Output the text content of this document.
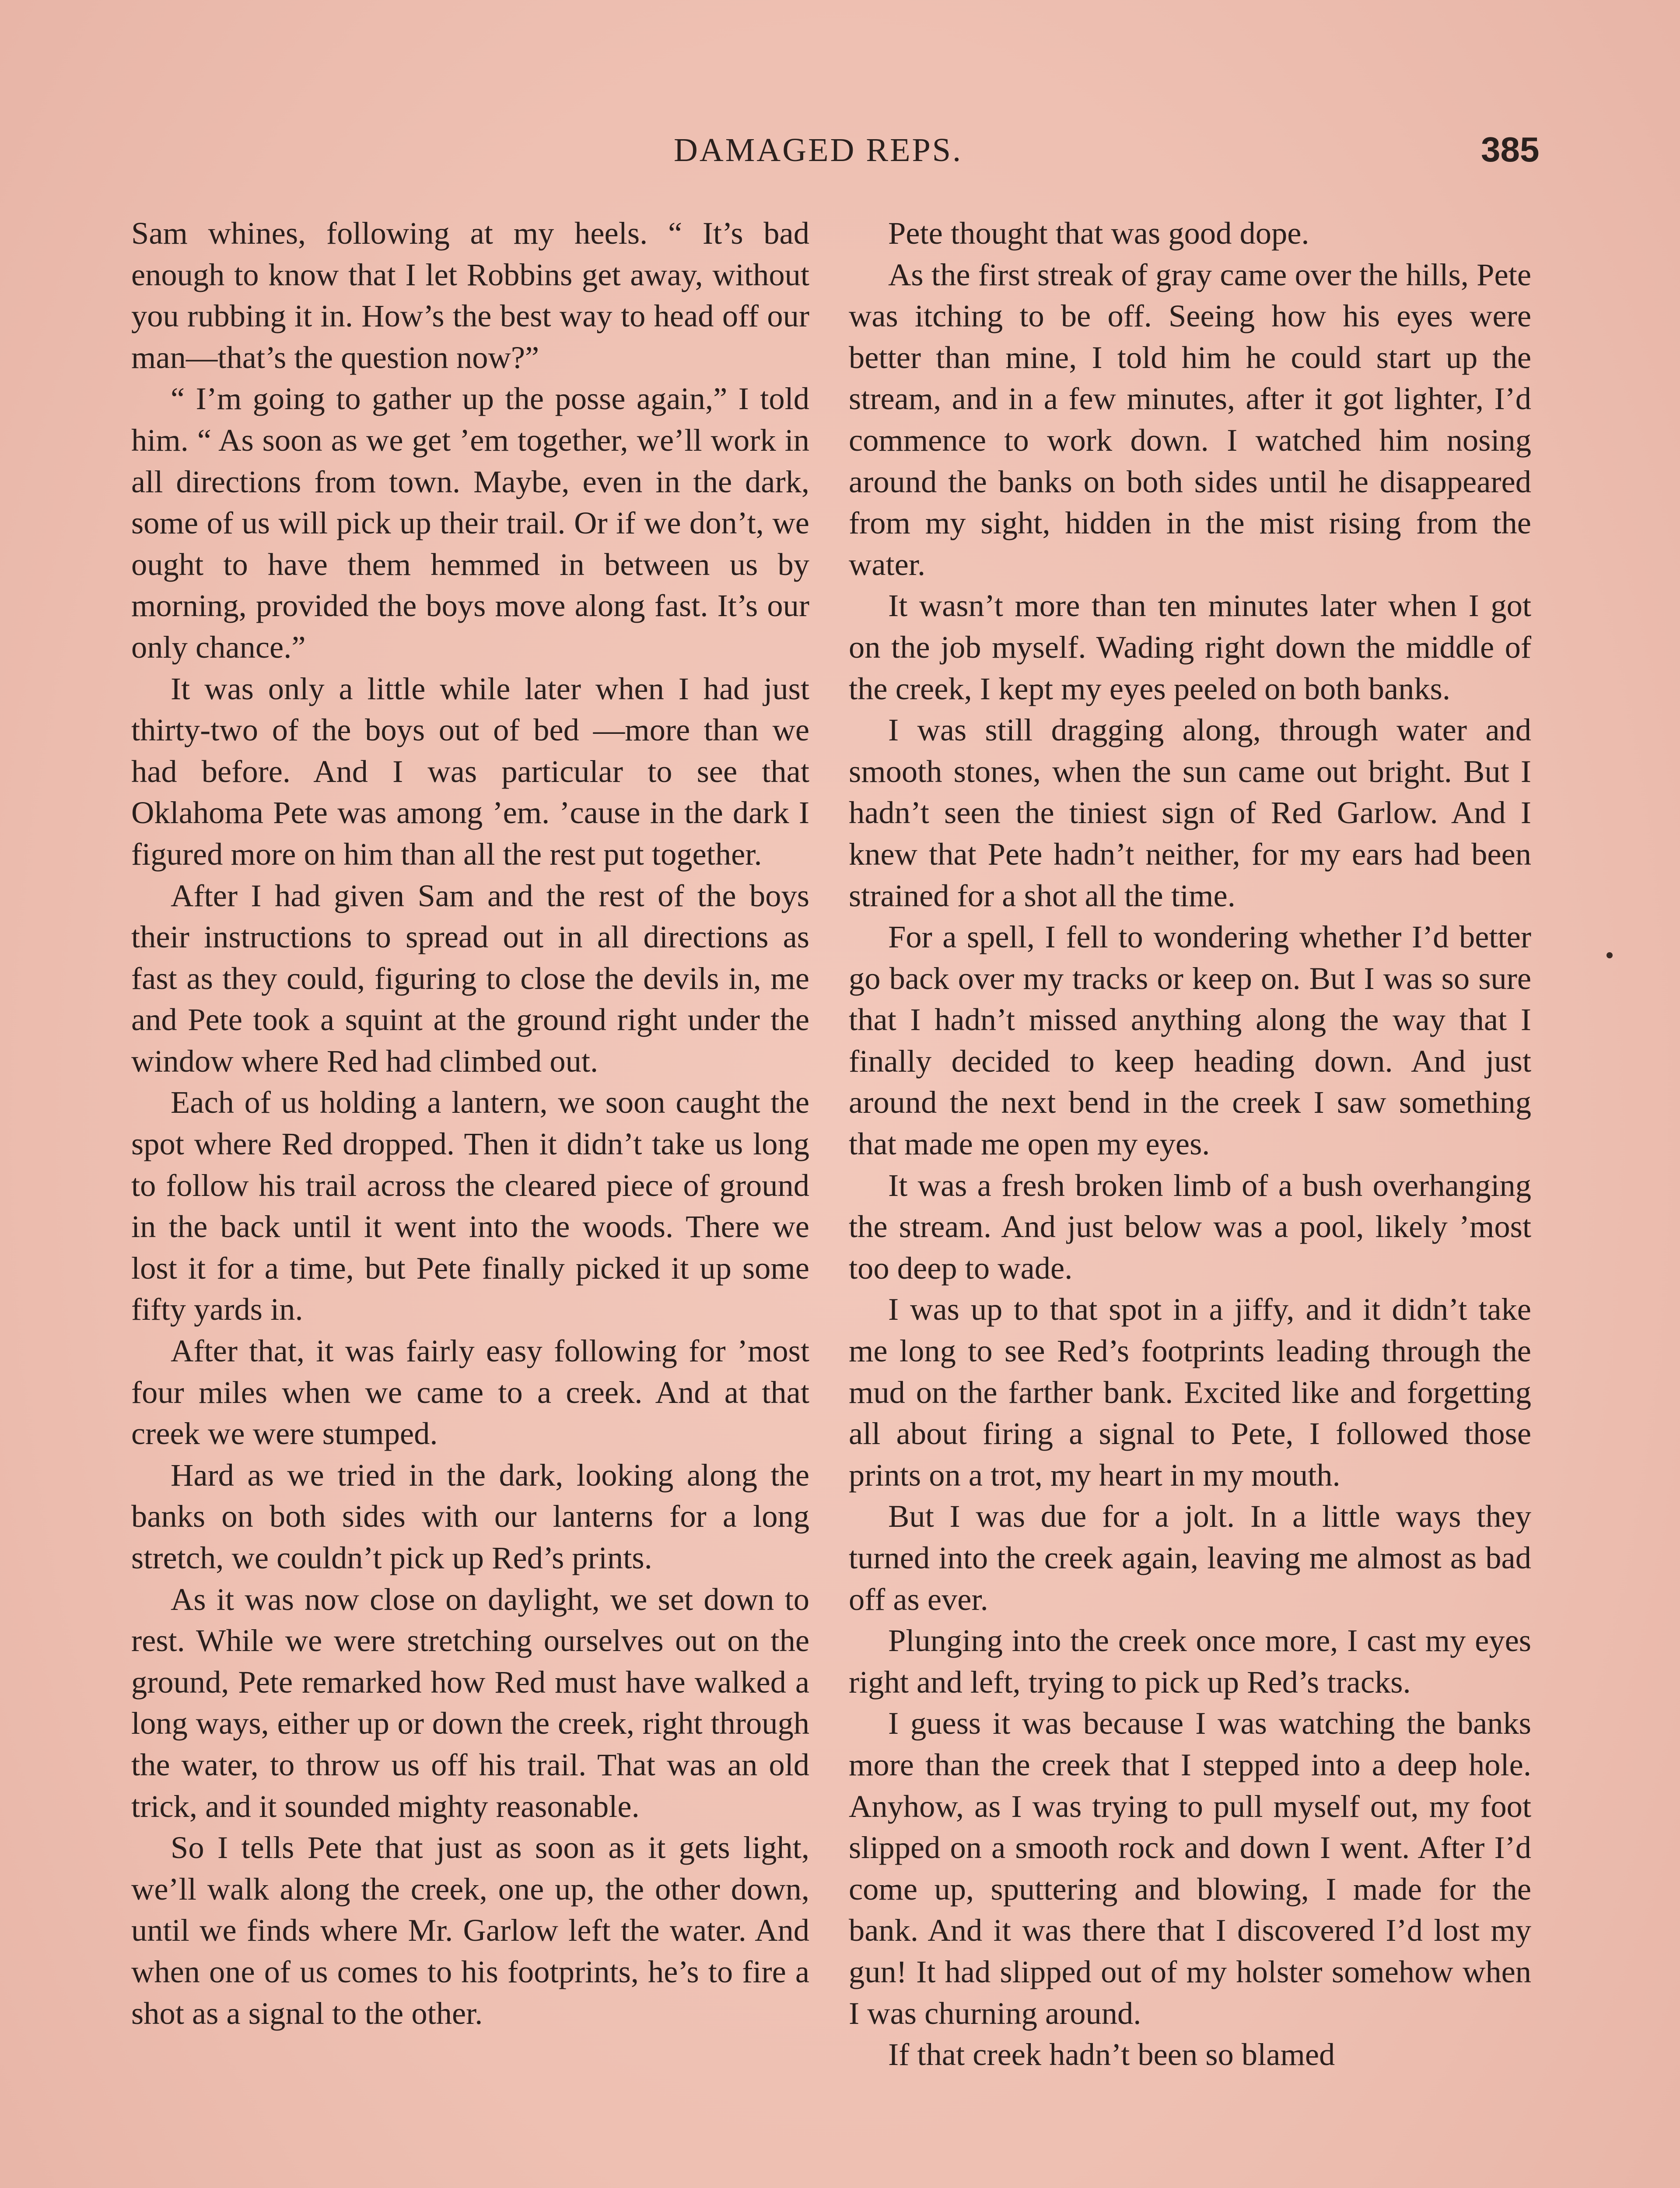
DAMAGED REPS.	385

Sam whines, following at my heels. “ It’s bad enough to know that I let Robbins get away, without you rubbing it in. How’s the best way to head off our man—that’s the question now?”

“ I’m going to gather up the posse again,” I told him. “ As soon as we get ’em together, we’ll work in all directions from town. Maybe, even in the dark, some of us will pick up their trail. Or if we don’t, we ought to have them hemmed in between us by morning, provided the boys move along fast. It’s our only chance.”

It was only a little while later when I had just thirty-two of the boys out of bed —more than we had before. And I was particular to see that Oklahoma Pete was among ’em. ’cause in the dark I figured more on him than all the rest put together.

After I had given Sam and the rest of the boys their instructions to spread out in all directions as fast as they could, figuring to close the devils in, me and Pete took a squint at the ground right under the window where Red had climbed out.

Each of us holding a lantern, we soon caught the spot where Red dropped. Then it didn’t take us long to follow his trail across the cleared piece of ground in the back until it went into the woods. There we lost it for a time, but Pete finally picked it up some fifty yards in.

After that, it was fairly easy following for ’most four miles when we came to a creek. And at that creek we were stumped.

Hard as we tried in the dark, looking along the banks on both sides with our lanterns for a long stretch, we couldn’t pick up Red’s prints.

As it was now close on daylight, we set down to rest. While we were stretching ourselves out on the ground, Pete remarked how Red must have walked a long ways, either up or down the creek, right through the water, to throw us off his trail. That was an old trick, and it sounded mighty reasonable.

So I tells Pete that just as soon as it gets light, we’ll walk along the creek, one up, the other down, until we finds where Mr. Garlow left the water. And when one of us comes to his footprints, he’s to fire a shot as a signal to the other.

Pete thought that was good dope.

As the first streak of gray came over the hills, Pete was itching to be off. Seeing how his eyes were better than mine, I told him he could start up the stream, and in a few minutes, after it got lighter, I’d commence to work down. I watched him nosing around the banks on both sides until he disappeared from my sight, hidden in the mist rising from the water.

It wasn’t more than ten minutes later when I got on the job myself. Wading right down the middle of the creek, I kept my eyes peeled on both banks.

I was still dragging along, through water and smooth stones, when the sun came out bright. But I hadn’t seen the tiniest sign of Red Garlow. And I knew that Pete hadn’t neither, for my ears had been strained for a shot all the time.

For a spell, I fell to wondering whether I’d better go back over my tracks or keep on. But I was so sure that I hadn’t missed anything along the way that I finally decided to keep heading down. And just around the next bend in the creek I saw something that made me open my eyes.

It was a fresh broken limb of a bush overhanging the stream. And just below was a pool, likely ’most too deep to wade.

I was up to that spot in a jiffy, and it didn’t take me long to see Red’s footprints leading through the mud on the farther bank. Excited like and forgetting all about firing a signal to Pete, I followed those prints on a trot, my heart in my mouth.

But I was due for a jolt. In a little ways they turned into the creek again, leaving me almost as bad off as ever.

Plunging into the creek once more, I cast my eyes right and left, trying to pick up Red’s tracks.

I guess it was because I was watching the banks more than the creek that I stepped into a deep hole. Anyhow, as I was trying to pull myself out, my foot slipped on a smooth rock and down I went. After I’d come up, sputtering and blowing, I made for the bank. And it was there that I discovered I’d lost my gun! It had slipped out of my holster somehow when I was churning around.

If that creek hadn’t been so blamed
